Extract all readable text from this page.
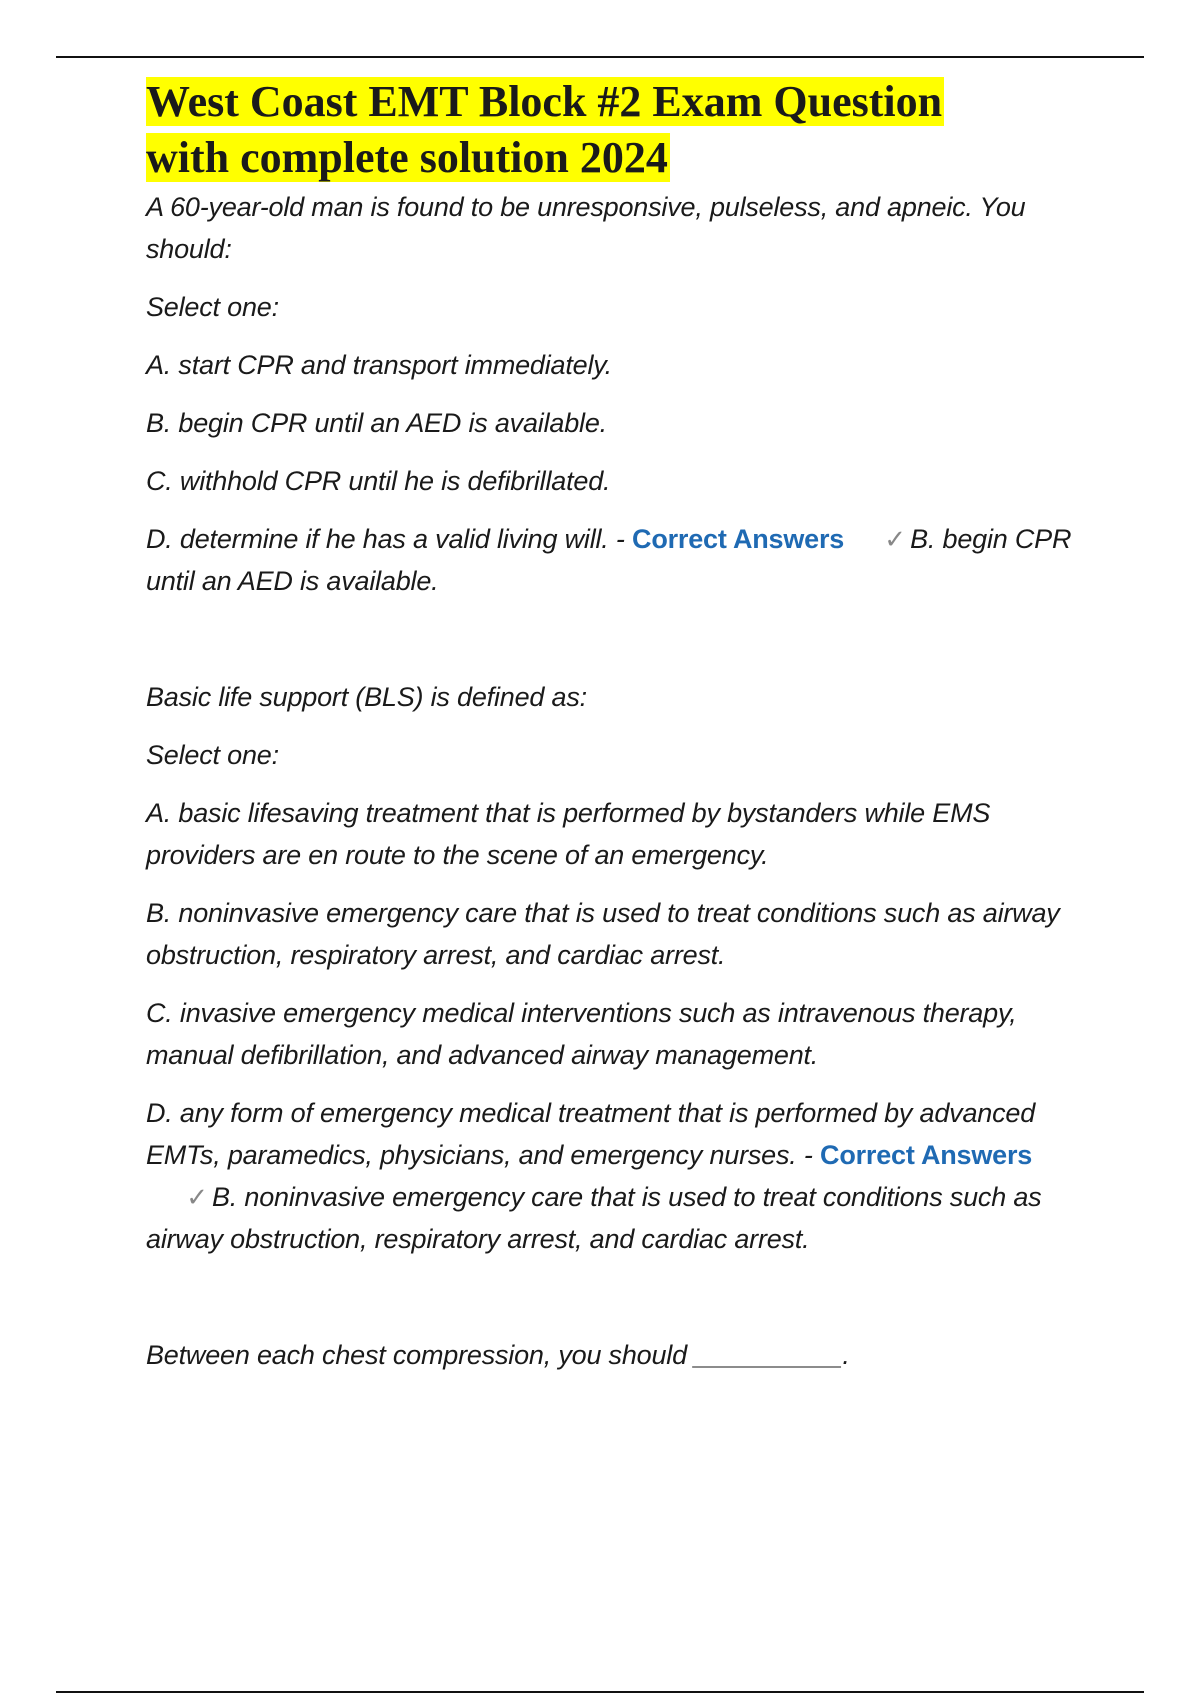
West Coast EMT Block #2 Exam Question
with complete solution 2024

A 60-year-old man is found to be unresponsive, pulseless, and apneic. You should:

Select one:

A. start CPR and transport immediately.

B. begin CPR until an AED is available.

C. withhold CPR until he is defibrillated.

D. determine if he has a valid living will. - Correct Answers ✓ B. begin CPR until an AED is available.

Basic life support (BLS) is defined as:

Select one:

A. basic lifesaving treatment that is performed by bystanders while EMS providers are en route to the scene of an emergency.

B. noninvasive emergency care that is used to treat conditions such as airway obstruction, respiratory arrest, and cardiac arrest.

C. invasive emergency medical interventions such as intravenous therapy, manual defibrillation, and advanced airway management.

D. any form of emergency medical treatment that is performed by advanced EMTs, paramedics, physicians, and emergency nurses. - Correct Answers✓ B. noninvasive emergency care that is used to treat conditions such as airway obstruction, respiratory arrest, and cardiac arrest.

Between each chest compression, you should __________.
